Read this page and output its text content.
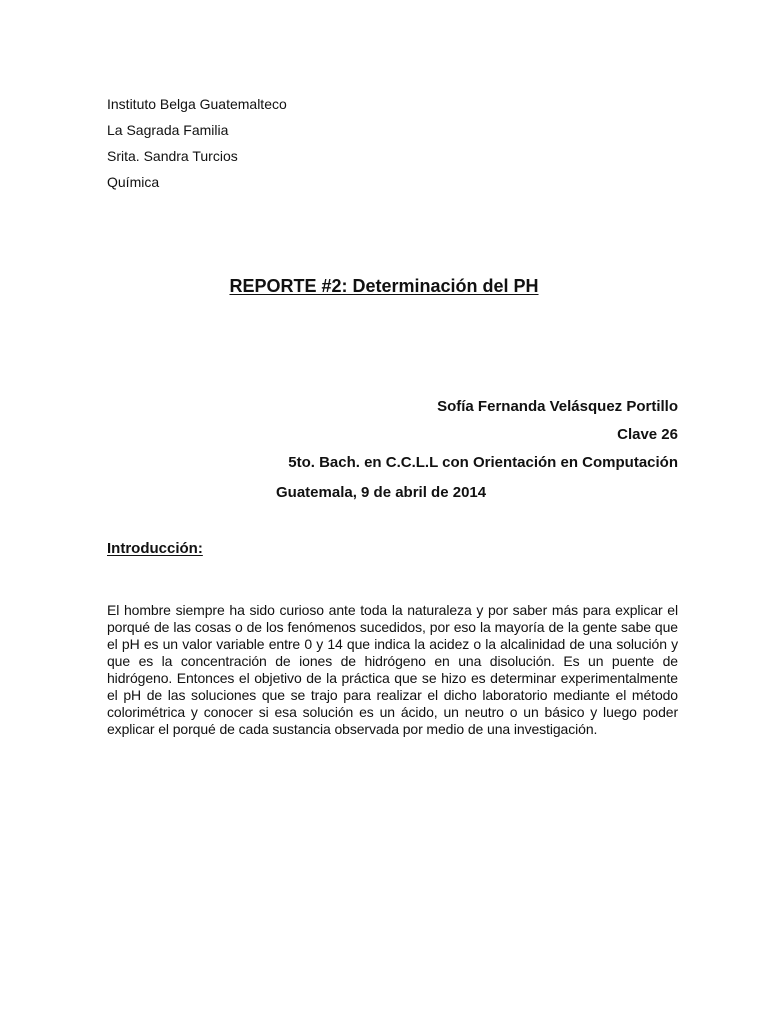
Instituto Belga Guatemalteco
La Sagrada Familia
Srita. Sandra Turcios
Química
REPORTE #2: Determinación del PH
Sofía Fernanda Velásquez Portillo
Clave 26
5to. Bach. en C.C.L.L con Orientación en Computación
Guatemala, 9 de abril de 2014
Introducción:

El hombre siempre ha sido curioso ante toda la naturaleza y por saber más para explicar el porqué de las cosas o de los fenómenos sucedidos, por eso la mayoría de la gente sabe que el pH es un valor variable entre 0 y 14 que indica la acidez o la alcalinidad de una solución y que es la concentración de iones de hidrógeno en una disolución. Es un puente de hidrógeno. Entonces el objetivo de la práctica que se hizo es determinar experimentalmente el pH de las soluciones que se trajo para realizar el dicho laboratorio mediante el método colorimétrica y conocer si esa solución es un ácido, un neutro o un básico y luego poder explicar el porqué de cada sustancia observada por medio de una investigación.
